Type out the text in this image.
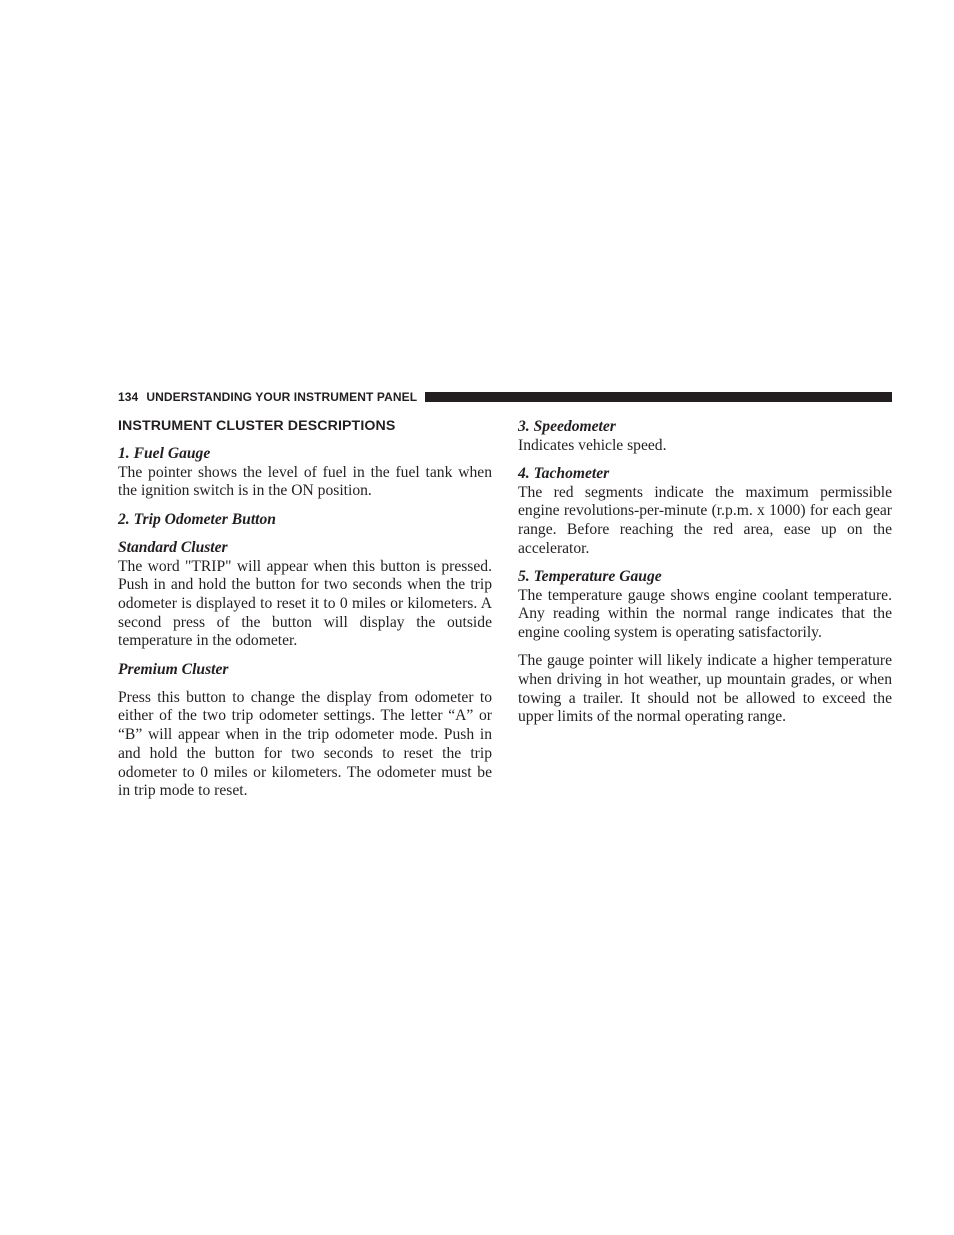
134 UNDERSTANDING YOUR INSTRUMENT PANEL
INSTRUMENT CLUSTER DESCRIPTIONS

1. Fuel Gauge

The pointer shows the level of fuel in the fuel tank when the ignition switch is in the ON position.

2. Trip Odometer Button

Standard Cluster

The word "TRIP" will appear when this button is pressed. Push in and hold the button for two seconds when the trip odometer is displayed to reset it to 0 miles or kilometers. A second press of the button will display the outside temperature in the odometer.

Premium Cluster

Press this button to change the display from odometer to either of the two trip odometer settings. The letter “A” or “B” will appear when in the trip odometer mode. Push in and hold the button for two seconds to reset the trip odometer to 0 miles or kilometers. The odometer must be in trip mode to reset.

3. Speedometer

Indicates vehicle speed.

4. Tachometer

The red segments indicate the maximum permissible engine revolutions-per-minute (r.p.m. x 1000) for each gear range. Before reaching the red area, ease up on the accelerator.

5. Temperature Gauge

The temperature gauge shows engine coolant temperature. Any reading within the normal range indicates that the engine cooling system is operating satisfactorily.

The gauge pointer will likely indicate a higher temperature when driving in hot weather, up mountain grades, or when towing a trailer. It should not be allowed to exceed the upper limits of the normal operating range.
